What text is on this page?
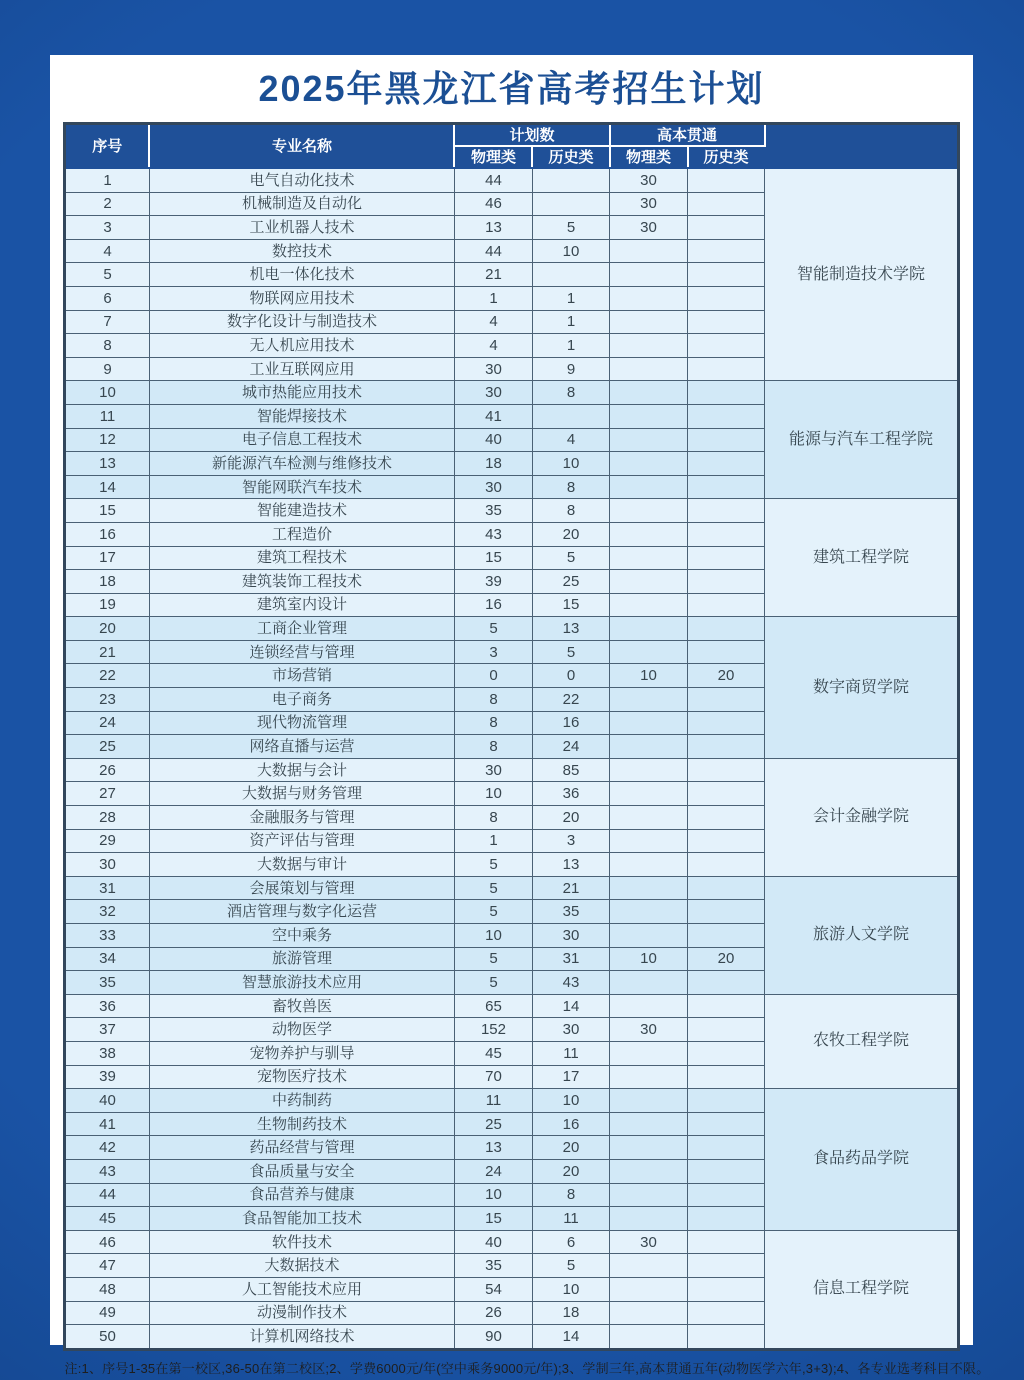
2025年黑龙江省高考招生计划
序号	专业名称	计划数		高本贯通		
		物理类	历史类	物理类	历史类	
1	电气自动化技术	44		30		智能制造技术学院
2	机械制造及自动化	46		30		
3	工业机器人技术	13	5	30		
4	数控技术	44	10			
5	机电一体化技术	21				
6	物联网应用技术	1	1			
7	数字化设计与制造技术	4	1			
8	无人机应用技术	4	1			
9	工业互联网应用	30	9			
10	城市热能应用技术	30	8			能源与汽车工程学院
11	智能焊接技术	41				
12	电子信息工程技术	40	4			
13	新能源汽车检测与维修技术	18	10			
14	智能网联汽车技术	30	8			
15	智能建造技术	35	8			建筑工程学院
16	工程造价	43	20			
17	建筑工程技术	15	5			
18	建筑装饰工程技术	39	25			
19	建筑室内设计	16	15			
20	工商企业管理	5	13			数字商贸学院
21	连锁经营与管理	3	5			
22	市场营销	0	0	10	20	
23	电子商务	8	22			
24	现代物流管理	8	16			
25	网络直播与运营	8	24			
26	大数据与会计	30	85			会计金融学院
27	大数据与财务管理	10	36			
28	金融服务与管理	8	20			
29	资产评估与管理	1	3			
30	大数据与审计	5	13			
31	会展策划与管理	5	21			旅游人文学院
32	酒店管理与数字化运营	5	35			
33	空中乘务	10	30			
34	旅游管理	5	31	10	20	
35	智慧旅游技术应用	5	43			
36	畜牧兽医	65	14			农牧工程学院
37	动物医学	152	30	30		
38	宠物养护与驯导	45	11			
39	宠物医疗技术	70	17			
40	中药制药	11	10			食品药品学院
41	生物制药技术	25	16			
42	药品经营与管理	13	20			
43	食品质量与安全	24	20			
44	食品营养与健康	10	8			
45	食品智能加工技术	15	11			
46	软件技术	40	6	30		信息工程学院
47	大数据技术	35	5			
48	人工智能技术应用	54	10			
49	动漫制作技术	26	18			
50	计算机网络技术	90	14			
注:1、序号1-35在第一校区,36-50在第二校区;2、学费6000元/年(空中乘务9000元/年);3、学制三年,高本贯通五年(动物医学六年,3+3);4、各专业选考科目不限。
